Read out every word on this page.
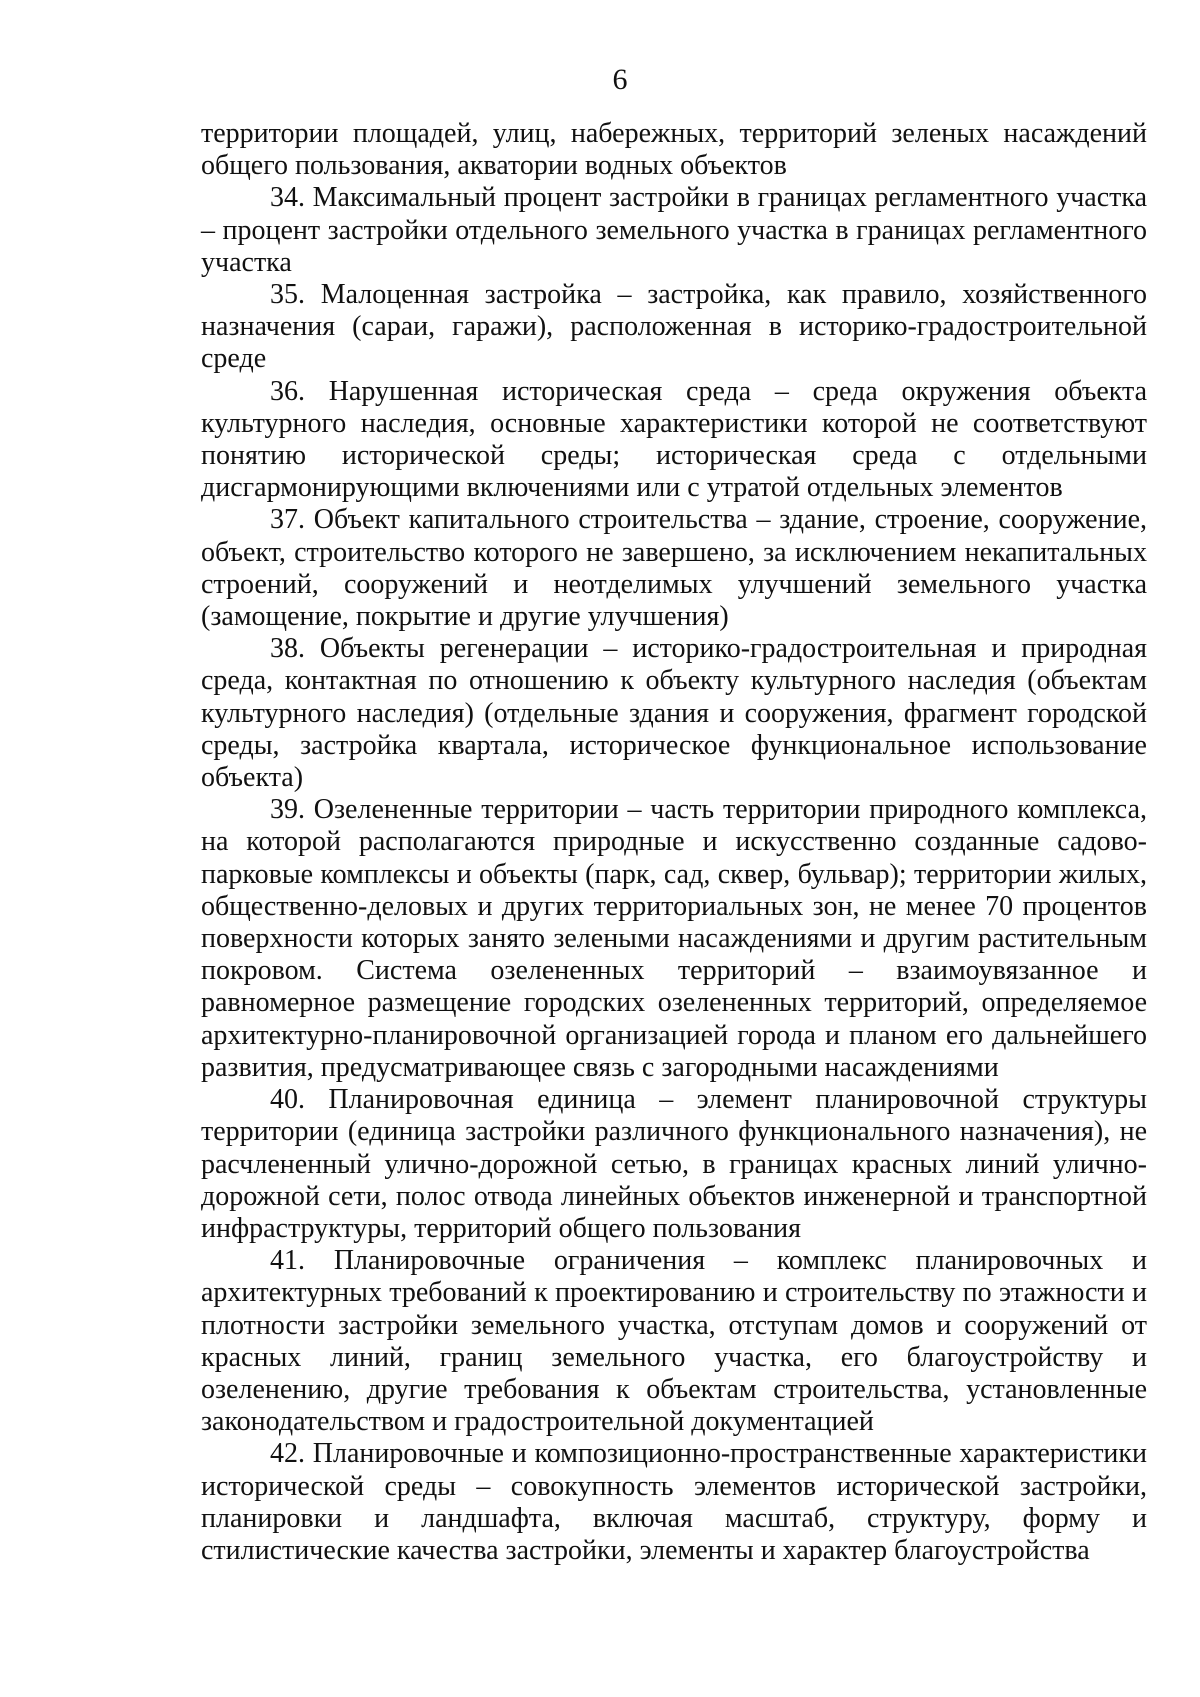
6

территории площадей, улиц, набережных, территорий зеленых насаждений общего пользования, акватории водных объектов

34. Максимальный процент застройки в границах регламентного участка – процент застройки отдельного земельного участка в границах регламентного участка

35. Малоценная застройка – застройка, как правило, хозяйственного назначения (сараи, гаражи), расположенная в историко-градостроительной среде

36. Нарушенная историческая среда – среда окружения объекта культурного наследия, основные характеристики которой не соответствуют понятию исторической среды; историческая среда с отдельными дисгармонирующими включениями или с утратой отдельных элементов

37. Объект капитального строительства – здание, строение, сооружение, объект, строительство которого не завершено, за исключением некапитальных строений, сооружений и неотделимых улучшений земельного участка (замощение, покрытие и другие улучшения)

38. Объекты регенерации – историко-градостроительная и природная среда, контактная по отношению к объекту культурного наследия (объектам культурного наследия) (отдельные здания и сооружения, фрагмент городской среды, застройка квартала, историческое функциональное использование объекта)

39. Озелененные территории – часть территории природного комплекса, на которой располагаются природные и искусственно созданные садово-парковые комплексы и объекты (парк, сад, сквер, бульвар); территории жилых, общественно-деловых и других территориальных зон, не менее 70 процентов поверхности которых занято зелеными насаждениями и другим растительным покровом. Система озелененных территорий – взаимоувязанное и равномерное размещение городских озелененных территорий, определяемое архитектурно-планировочной организацией города и планом его дальнейшего развития, предусматривающее связь с загородными насаждениями

40. Планировочная единица – элемент планировочной структуры территории (единица застройки различного функционального назначения), не расчлененный улично-дорожной сетью, в границах красных линий улично-дорожной сети, полос отвода линейных объектов инженерной и транспортной инфраструктуры, территорий общего пользования

41. Планировочные ограничения – комплекс планировочных и архитектурных требований к проектированию и строительству по этажности и плотности застройки земельного участка, отступам домов и сооружений от красных линий, границ земельного участка, его благоустройству и озеленению, другие требования к объектам строительства, установленные законодательством и градостроительной документацией

42. Планировочные и композиционно-пространственные характеристики исторической среды – совокупность элементов исторической застройки, планировки и ландшафта, включая масштаб, структуру, форму и стилистические качества застройки, элементы и характер благоустройства
